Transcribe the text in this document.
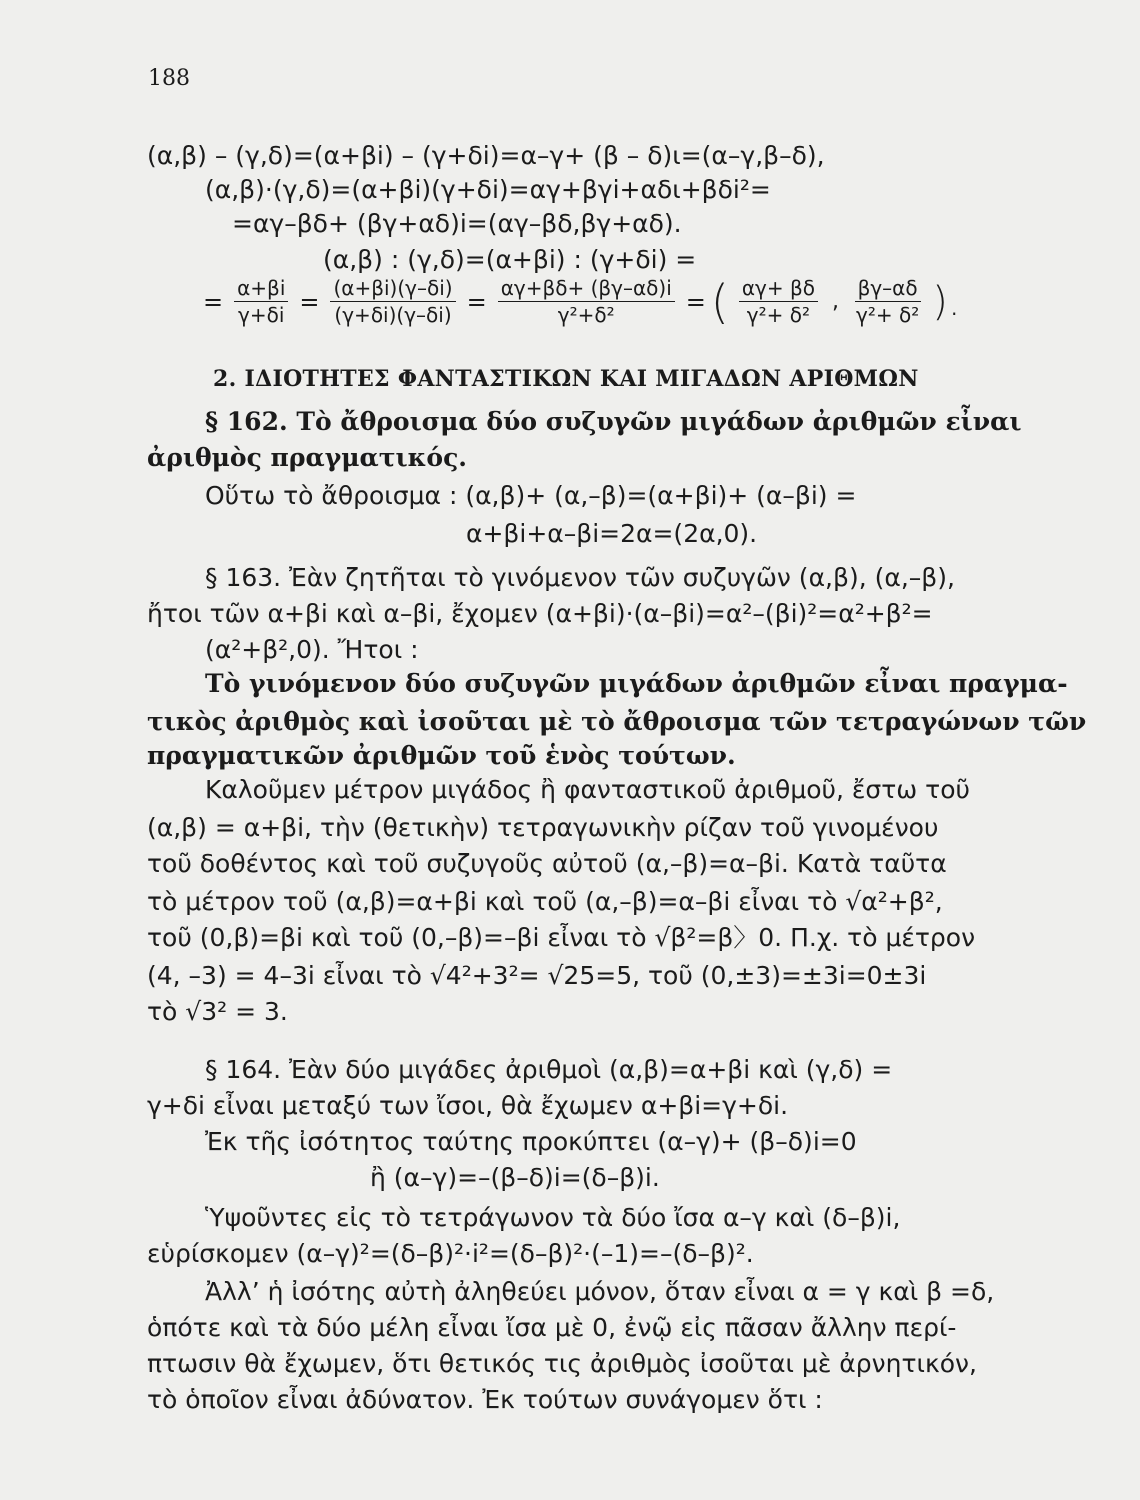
188
(α,β) – (γ,δ)=(α+βi) – (γ+δi)=α–γ+ (β – δ)ι=(α–γ,β–δ),
(α,β)·(γ,δ)=(α+βi)(γ+δi)=αγ+βγi+αδι+βδi²=
=αγ–βδ+ (βγ+αδ)i=(αγ–βδ,βγ+αδ).
(α,β) : (γ,δ)=(α+βi) : (γ+δi) =
= $\frac{\alpha+\beta i}{\gamma+\delta i} = \frac{(\alpha+\beta i)(\gamma-\delta i)}{(\gamma+\delta i)(\gamma-\delta i)} = \frac{\alpha\gamma+\beta\delta+ (\beta\gamma-\alpha\delta)i}{\text{γ²+δ²}}$ = ( $\frac{\alpha\gamma+ \beta\delta}{\text{γ²+ δ²}}$ , $\frac{\beta\gamma-\alpha\delta}{\text{γ²+ δ²}}$ ).
2. ΙΔΙΟΤΗΤΕΣ ΦΑΝΤΑΣΤΙΚΩΝ ΚΑΙ ΜΙΓΑΔΩΝ ΑΡΙΘΜΩΝ
§ 162. Τὸ ἄθροισμα δύο συζυγῶν μιγάδων ἀριθμῶν εἶναι
ἀριθμὸς πραγματικός.
Οὕτω τὸ ἄθροισμα : (α,β)+ (α,–β)=(α+βi)+ (α–βi) =
α+βi+α–βi=2α=(2α,0).
§ 163. Ἐὰν ζητῆται τὸ γινόμενον τῶν συζυγῶν (α,β), (α,–β),
ἤτοι τῶν α+βi καὶ α–βi, ἔχομεν (α+βi)·(α–βi)=α²–(βi)²=α²+β²=
(α²+β²,0). Ἤτοι :
Τὸ γινόμενον δύο συζυγῶν μιγάδων ἀριθμῶν εἶναι πραγμα-
τικὸς ἀριθμὸς καὶ ἰσοῦται μὲ τὸ ἄθροισμα τῶν τετραγώνων τῶν
πραγματικῶν ἀριθμῶν τοῦ ἑνὸς τούτων.
Καλοῦμεν μέτρον μιγάδος ἢ φανταστικοῦ ἀριθμοῦ, ἔστω τοῦ
(α,β) = α+βi, τὴν (θετικὴν) τετραγωνικὴν ρίζαν τοῦ γινομένου
τοῦ δοθέντος καὶ τοῦ συζυγοῦς αὐτοῦ (α,–β)=α–βi. Κατὰ ταῦτα
τὸ μέτρον τοῦ (α,β)=α+βi καὶ τοῦ (α,–β)=α–βi εἶναι τὸ √α²+β²,
τοῦ (0,β)=βi καὶ τοῦ (0,–β)=–βi εἶναι τὸ √β²=β〉0. Π.χ. τὸ μέτρον
(4, –3) = 4–3i εἶναι τὸ √4²+3²= √25=5, τοῦ (0,±3)=±3i=0±3i
τὸ √3² = 3.
§ 164. Ἐὰν δύο μιγάδες ἀριθμοὶ (α,β)=α+βi καὶ (γ,δ) =
γ+δi εἶναι μεταξύ των ἴσοι, θὰ ἔχωμεν α+βi=γ+δi.
Ἐκ τῆς ἰσότητος ταύτης προκύπτει (α–γ)+ (β–δ)i=0
ἢ (α–γ)=–(β–δ)i=(δ–β)i.
Ὑψοῦντες εἰς τὸ τετράγωνον τὰ δύο ἴσα α–γ καὶ (δ–β)i,
εὑρίσκομεν (α–γ)²=(δ–β)²·i²=(δ–β)²·(–1)=–(δ–β)².
Ἀλλ’ ἡ ἰσότης αὐτὴ ἀληθεύει μόνον, ὅταν εἶναι α = γ καὶ β =δ,
ὁπότε καὶ τὰ δύο μέλη εἶναι ἴσα μὲ 0, ἐνῷ εἰς πᾶσαν ἄλλην περί-
πτωσιν θὰ ἔχωμεν, ὅτι θετικός τις ἀριθμὸς ἰσοῦται μὲ ἀρνητικόν,
τὸ ὁποῖον εἶναι ἀδύνατον. Ἐκ τούτων συνάγομεν ὅτι :
